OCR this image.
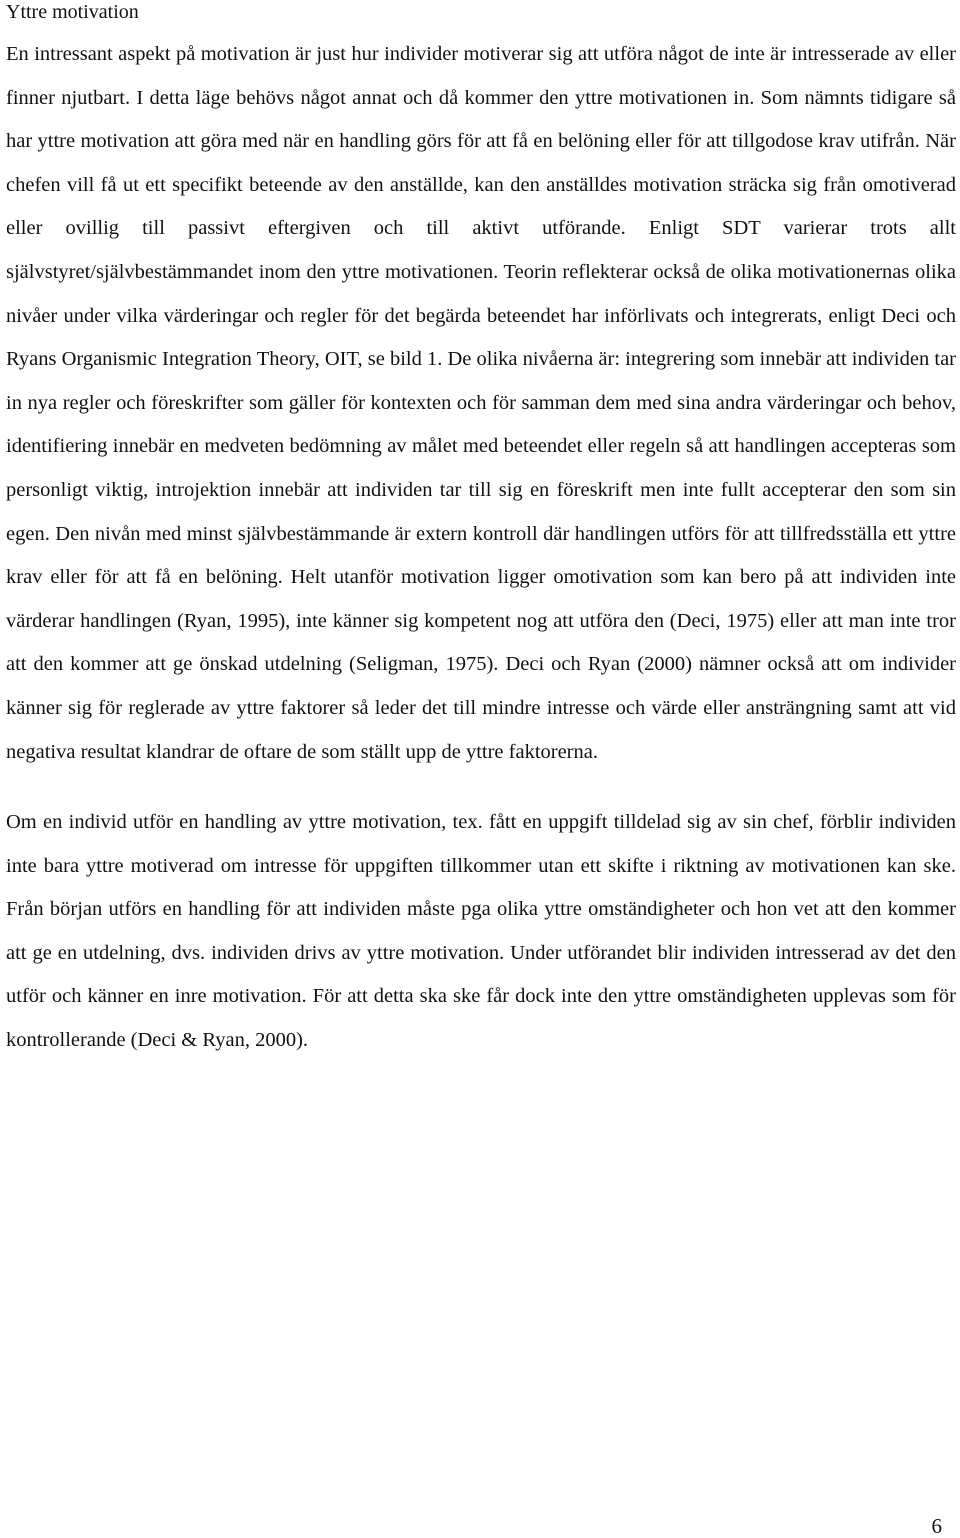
Yttre motivation

En intressant aspekt på motivation är just hur individer motiverar sig att utföra något de inte är intresserade av eller finner njutbart. I detta läge behövs något annat och då kommer den yttre motivationen in. Som nämnts tidigare så har yttre motivation att göra med när en handling görs för att få en belöning eller för att tillgodose krav utifrån. När chefen vill få ut ett specifikt beteende av den anställde, kan den anställdes motivation sträcka sig från omotiverad eller ovillig till passivt eftergiven och till aktivt utförande. Enligt SDT varierar trots allt självstyret/självbestämmandet inom den yttre motivationen. Teorin reflekterar också de olika motivationernas olika nivåer under vilka värderingar och regler för det begärda beteendet har införlivats och integrerats, enligt Deci och Ryans Organismic Integration Theory, OIT, se bild 1. De olika nivåerna är: integrering som innebär att individen tar in nya regler och föreskrifter som gäller för kontexten och för samman dem med sina andra värderingar och behov, identifiering innebär en medveten bedömning av målet med beteendet eller regeln så att handlingen accepteras som personligt viktig, introjektion innebär att individen tar till sig en föreskrift men inte fullt accepterar den som sin egen. Den nivån med minst självbestämmande är extern kontroll där handlingen utförs för att tillfredsställa ett yttre krav eller för att få en belöning. Helt utanför motivation ligger omotivation som kan bero på att individen inte värderar handlingen (Ryan, 1995), inte känner sig kompetent nog att utföra den (Deci, 1975) eller att man inte tror att den kommer att ge önskad utdelning (Seligman, 1975). Deci och Ryan (2000) nämner också att om individer känner sig för reglerade av yttre faktorer så leder det till mindre intresse och värde eller ansträngning samt att vid negativa resultat klandrar de oftare de som ställt upp de yttre faktorerna.

Om en individ utför en handling av yttre motivation, tex. fått en uppgift tilldelad sig av sin chef, förblir individen inte bara yttre motiverad om intresse för uppgiften tillkommer utan ett skifte i riktning av motivationen kan ske. Från början utförs en handling för att individen måste pga olika yttre omständigheter och hon vet att den kommer att ge en utdelning, dvs. individen drivs av yttre motivation. Under utförandet blir individen intresserad av det den utför och känner en inre motivation. För att detta ska ske får dock inte den yttre omständigheten upplevas som för kontrollerande (Deci & Ryan, 2000).

6
